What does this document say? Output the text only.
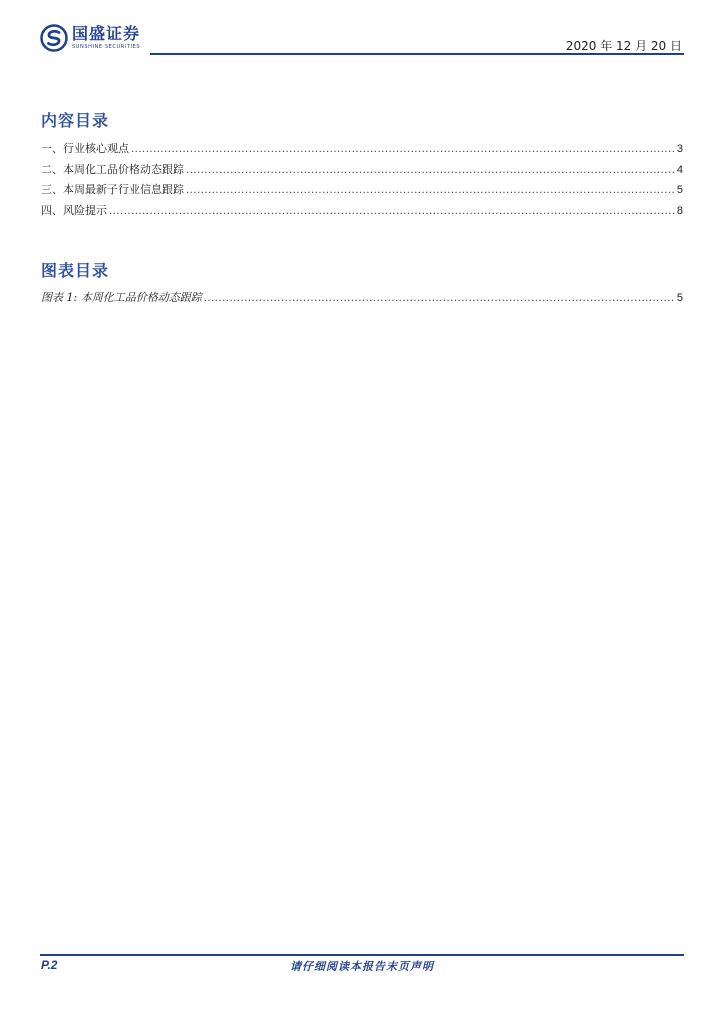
国盛证券
SUNSHINE SECURITIES	2020 年 12 月 20 日
内容目录
一、行业核心观点 .....	3
二、本周化工品价格动态跟踪 .....	4
三、本周最新子行业信息跟踪 .....	5
四、风险提示 .....	8
图表目录
图表 1: 本周化工品价格动态跟踪 .....	5
P.2	请仔细阅读本报告末页声明
